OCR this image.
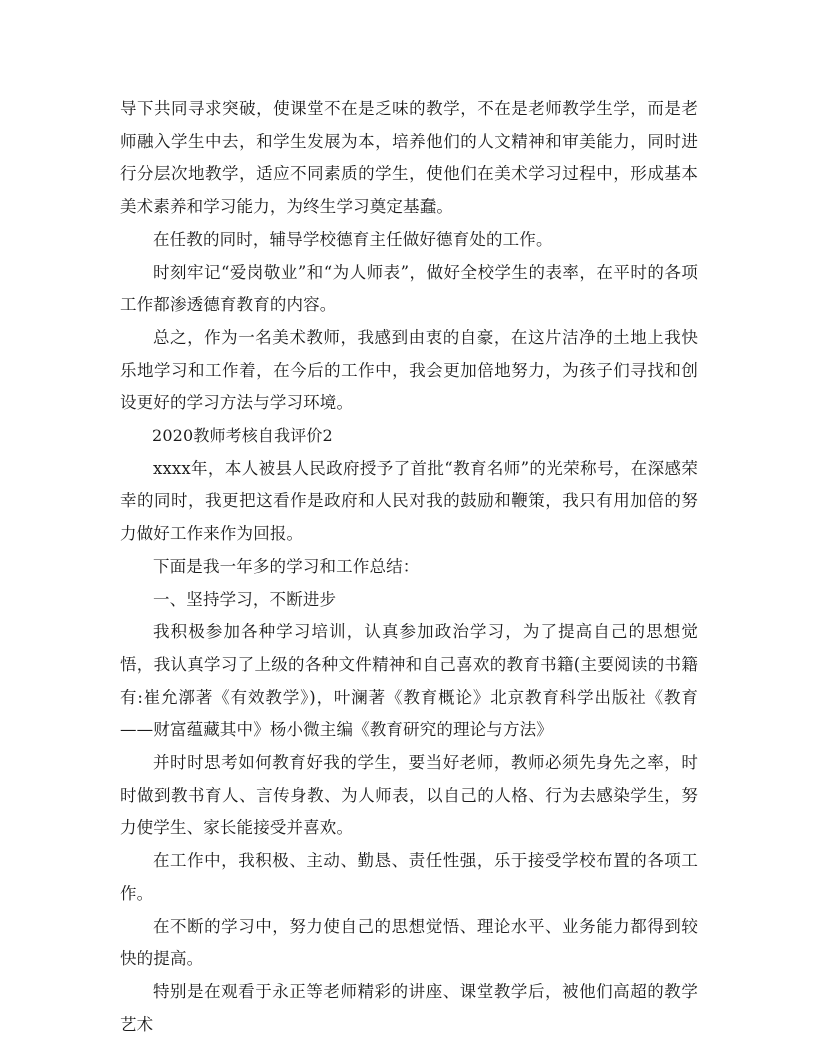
导下共同寻求突破，使课堂不在是乏味的教学，不在是老师教学生学，而是老师融入学生中去，和学生发展为本，培养他们的人文精神和审美能力，同时进行分层次地教学，适应不同素质的学生，使他们在美术学习过程中，形成基本美术素养和学习能力，为终生学习奠定基蠢。

在任教的同时，辅导学校德育主任做好德育处的工作。

时刻牢记“爱岗敬业”和“为人师表”，做好全校学生的表率，在平时的各项工作都渗透德育教育的内容。

总之，作为一名美术教师，我感到由衷的自豪，在这片洁净的土地上我快乐地学习和工作着，在今后的工作中，我会更加倍地努力，为孩子们寻找和创设更好的学习方法与学习环境。

2020教师考核自我评价2

xxxx年，本人被县人民政府授予了首批“教育名师”的光荣称号，在深感荣幸的同时，我更把这看作是政府和人民对我的鼓励和鞭策，我只有用加倍的努力做好工作来作为回报。

下面是我一年多的学习和工作总结：

一、坚持学习，不断进步

我积极参加各种学习培训，认真参加政治学习，为了提高自己的思想觉悟，我认真学习了上级的各种文件精神和自己喜欢的教育书籍(主要阅读的书籍有:崔允漷著《有效教学》)，叶澜著《教育概论》北京教育科学出版社《教育——财富蕴藏其中》杨小微主编《教育研究的理论与方法》

并时时思考如何教育好我的学生，要当好老师，教师必须先身先之率，时时做到教书育人、言传身教、为人师表，以自己的人格、行为去感染学生，努力使学生、家长能接受并喜欢。

在工作中，我积极、主动、勤恳、责任性强，乐于接受学校布置的各项工作。

在不断的学习中，努力使自己的思想觉悟、理论水平、业务能力都得到较快的提高。

特别是在观看于永正等老师精彩的讲座、课堂教学后，被他们高超的教学艺术
